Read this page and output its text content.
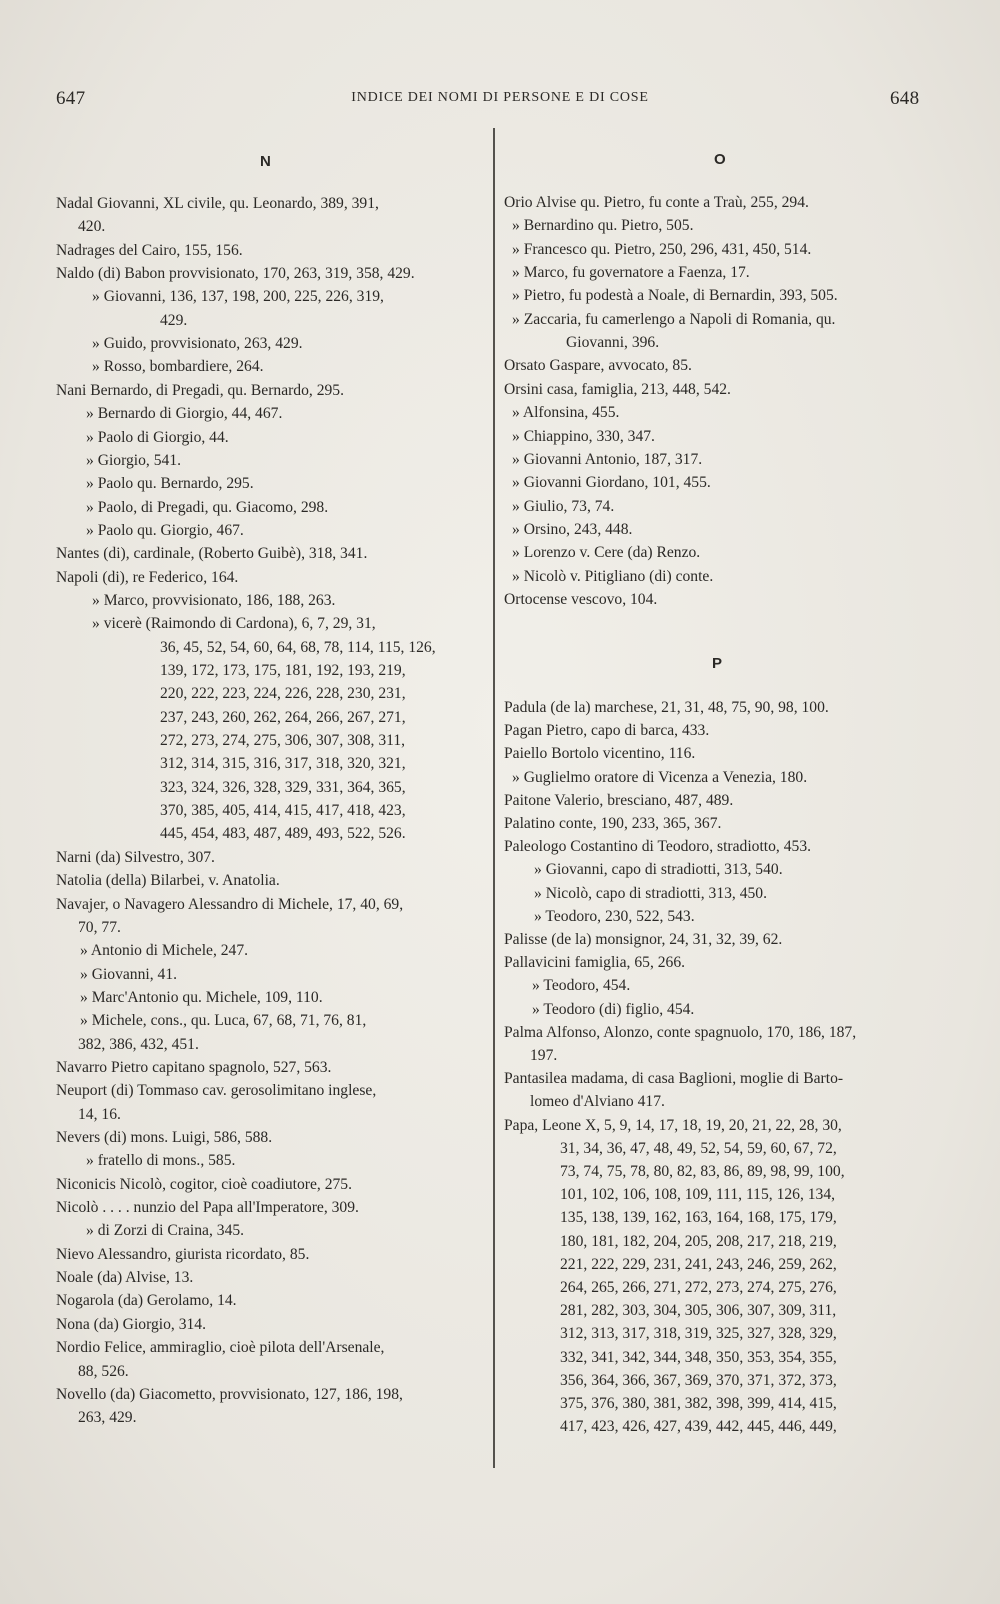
647	INDICE DEI NOMI DI PERSONE E DI COSE	648
N	O
P
Nadal Giovanni, XL civile, qu. Leonardo, 389, 391,
420.
Nadrages del Cairo, 155, 156.
Naldo (di) Babon provvisionato, 170, 263, 319, 358, 429.
» Giovanni, 136, 137, 198, 200, 225, 226, 319,
429.
» Guido, provvisionato, 263, 429.
» Rosso, bombardiere, 264.
Nani Bernardo, di Pregadi, qu. Bernardo, 295.
» Bernardo di Giorgio, 44, 467.
» Paolo di Giorgio, 44.
» Giorgio, 541.
» Paolo qu. Bernardo, 295.
» Paolo, di Pregadi, qu. Giacomo, 298.
» Paolo qu. Giorgio, 467.
Nantes (di), cardinale, (Roberto Guibè), 318, 341.
Napoli (di), re Federico, 164.
» Marco, provvisionato, 186, 188, 263.
» vicerè (Raimondo di Cardona), 6, 7, 29, 31,
36, 45, 52, 54, 60, 64, 68, 78, 114, 115, 126,
139, 172, 173, 175, 181, 192, 193, 219,
220, 222, 223, 224, 226, 228, 230, 231,
237, 243, 260, 262, 264, 266, 267, 271,
272, 273, 274, 275, 306, 307, 308, 311,
312, 314, 315, 316, 317, 318, 320, 321,
323, 324, 326, 328, 329, 331, 364, 365,
370, 385, 405, 414, 415, 417, 418, 423,
445, 454, 483, 487, 489, 493, 522, 526.
Narni (da) Silvestro, 307.
Natolia (della) Bilarbei, v. Anatolia.
Navajer, o Navagero Alessandro di Michele, 17, 40, 69,
70, 77.
» Antonio di Michele, 247.
» Giovanni, 41.
» Marc'Antonio qu. Michele, 109, 110.
» Michele, cons., qu. Luca, 67, 68, 71, 76, 81,
382, 386, 432, 451.
Navarro Pietro capitano spagnolo, 527, 563.
Neuport (di) Tommaso cav. gerosolimitano inglese,
14, 16.
Nevers (di) mons. Luigi, 586, 588.
» fratello di mons., 585.
Niconicis Nicolò, cogitor, cioè coadiutore, 275.
Nicolò . . . . nunzio del Papa all'Imperatore, 309.
» di Zorzi di Craina, 345.
Nievo Alessandro, giurista ricordato, 85.
Noale (da) Alvise, 13.
Nogarola (da) Gerolamo, 14.
Nona (da) Giorgio, 314.
Nordio Felice, ammiraglio, cioè pilota dell'Arsenale,
88, 526.
Novello (da) Giacometto, provvisionato, 127, 186, 198,
263, 429.
Orio Alvise qu. Pietro, fu conte a Traù, 255, 294.
» Bernardino qu. Pietro, 505.
» Francesco qu. Pietro, 250, 296, 431, 450, 514.
» Marco, fu governatore a Faenza, 17.
» Pietro, fu podestà a Noale, di Bernardin, 393, 505.
» Zaccaria, fu camerlengo a Napoli di Romania, qu.
Giovanni, 396.
Orsato Gaspare, avvocato, 85.
Orsini casa, famiglia, 213, 448, 542.
» Alfonsina, 455.
» Chiappino, 330, 347.
» Giovanni Antonio, 187, 317.
» Giovanni Giordano, 101, 455.
» Giulio, 73, 74.
» Orsino, 243, 448.
» Lorenzo v. Cere (da) Renzo.
» Nicolò v. Pitigliano (di) conte.
Ortocense vescovo, 104.
Padula (de la) marchese, 21, 31, 48, 75, 90, 98, 100.
Pagan Pietro, capo di barca, 433.
Paiello Bortolo vicentino, 116.
» Guglielmo oratore di Vicenza a Venezia, 180.
Paitone Valerio, bresciano, 487, 489.
Palatino conte, 190, 233, 365, 367.
Paleologo Costantino di Teodoro, stradiotto, 453.
» Giovanni, capo di stradiotti, 313, 540.
» Nicolò, capo di stradiotti, 313, 450.
» Teodoro, 230, 522, 543.
Palisse (de la) monsignor, 24, 31, 32, 39, 62.
Pallavicini famiglia, 65, 266.
» Teodoro, 454.
» Teodoro (di) figlio, 454.
Palma Alfonso, Alonzo, conte spagnuolo, 170, 186, 187,
197.
Pantasilea madama, di casa Baglioni, moglie di Barto-
lomeo d'Alviano 417.
Papa, Leone X, 5, 9, 14, 17, 18, 19, 20, 21, 22, 28, 30,
31, 34, 36, 47, 48, 49, 52, 54, 59, 60, 67, 72,
73, 74, 75, 78, 80, 82, 83, 86, 89, 98, 99, 100,
101, 102, 106, 108, 109, 111, 115, 126, 134,
135, 138, 139, 162, 163, 164, 168, 175, 179,
180, 181, 182, 204, 205, 208, 217, 218, 219,
221, 222, 229, 231, 241, 243, 246, 259, 262,
264, 265, 266, 271, 272, 273, 274, 275, 276,
281, 282, 303, 304, 305, 306, 307, 309, 311,
312, 313, 317, 318, 319, 325, 327, 328, 329,
332, 341, 342, 344, 348, 350, 353, 354, 355,
356, 364, 366, 367, 369, 370, 371, 372, 373,
375, 376, 380, 381, 382, 398, 399, 414, 415,
417, 423, 426, 427, 439, 442, 445, 446, 449,
